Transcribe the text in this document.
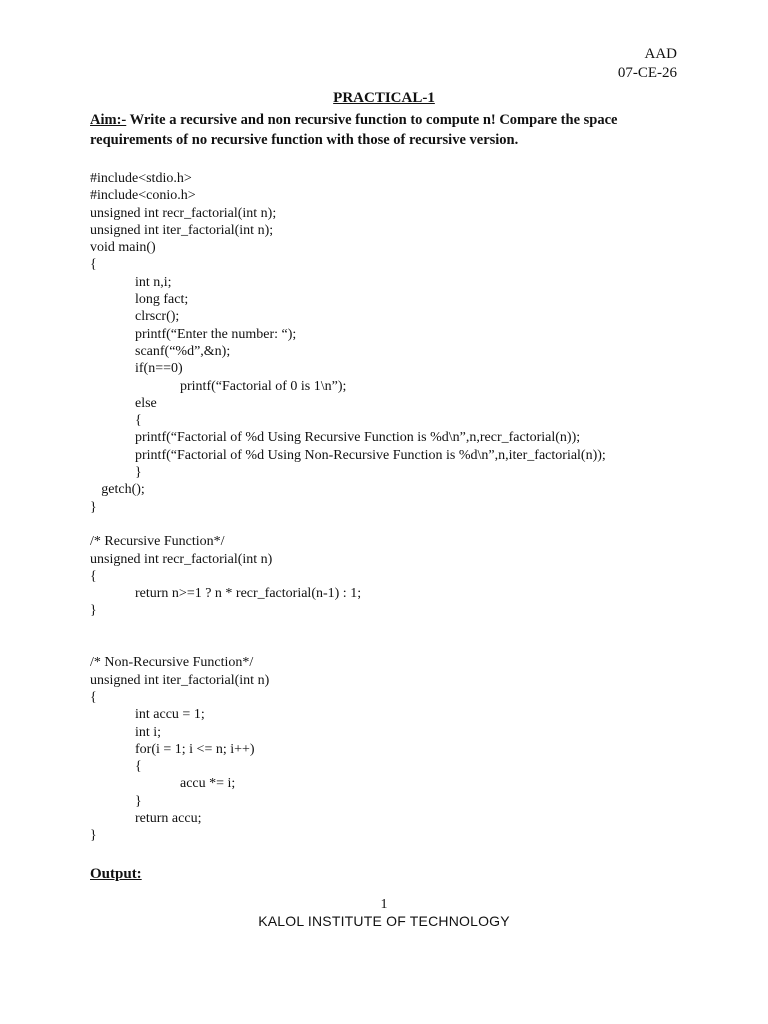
AAD
07-CE-26
PRACTICAL-1
Aim:- Write a recursive and non recursive function to compute n! Compare the space requirements of no recursive function with those of recursive version.
#include<stdio.h>
#include<conio.h>
unsigned int recr_factorial(int n);
unsigned int iter_factorial(int n);
void main()
{
int n,i;
long fact;
clrscr();
printf(“Enter the number: “);
scanf(“%d”,&n);
if(n==0)
printf(“Factorial of 0 is 1\n”);
else
{
printf(“Factorial of %d Using Recursive Function is %d\n”,n,recr_factorial(n));
printf(“Factorial of %d Using Non-Recursive Function is %d\n”,n,iter_factorial(n));
}
getch();
}
/* Recursive Function*/
unsigned int recr_factorial(int n)
{
return n>=1 ? n * recr_factorial(n-1) : 1;
}
/* Non-Recursive Function*/
unsigned int iter_factorial(int n)
{
int accu = 1;
int i;
for(i = 1; i <= n; i++)
{
accu *= i;
}
return accu;
}
Output:
1
KALOL INSTITUTE OF TECHNOLOGY
